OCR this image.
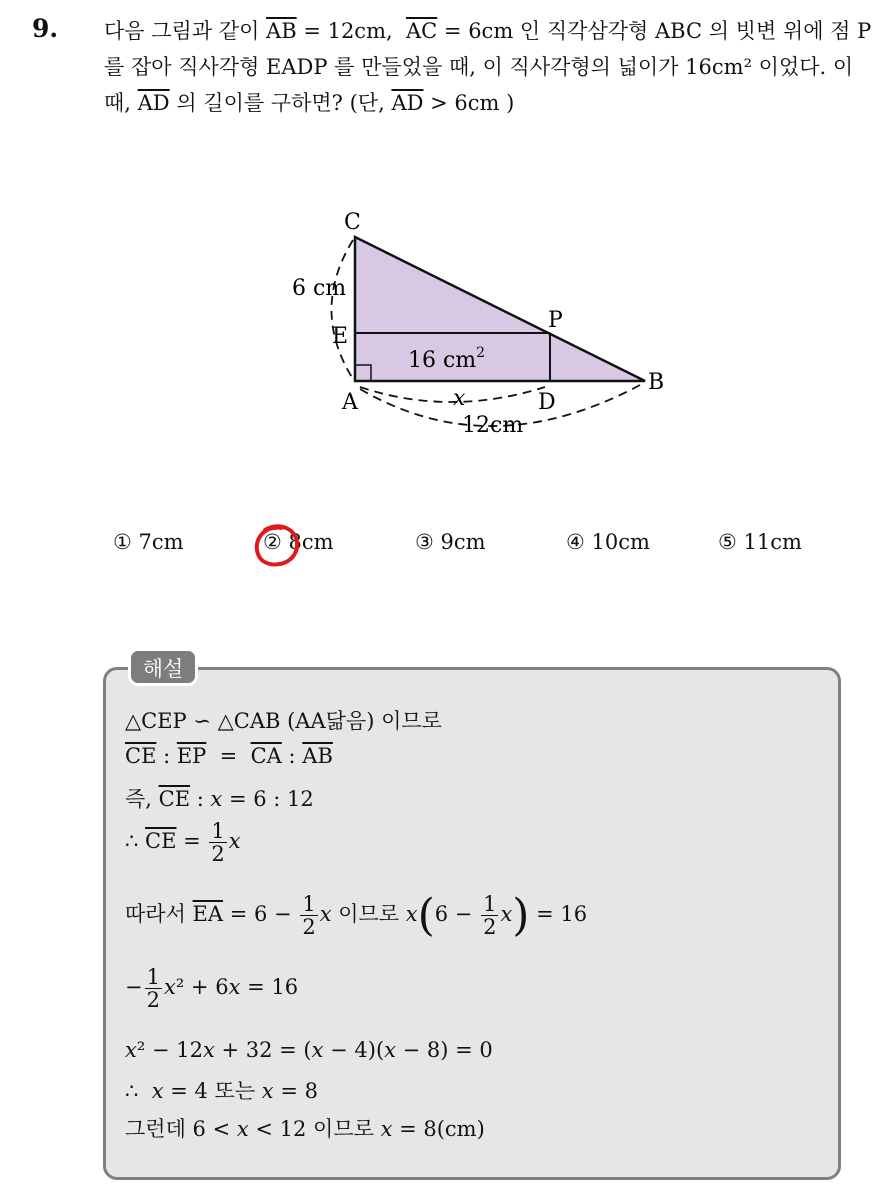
9. 다음 그림과 같이 $\overline{AB} = 12cm$,  $\overline{AC} = 6cm$ 인 직각삼각형 ABC 의 빗변 위에 점 P 를 잡아 직사각형 EADP 를 만들었을 때, 이 직사각형의 넓이가 16cm² 이었다. 이 때, $\overline{AD}$ 의 길이를 구하면? (단, $\overline{AD} > 6cm$ )
C
6 cm
E
P
16 $cm^2$
B
A	x	D
12cm
① 7cm	② 8cm	③ 9cm	④ 10cm	⑤ 11cm
해설
△CEP ∽ △CAB (AA닮음) 이므로
$\overline{CE}$ : $\overline{EP} = \overline{CA}$ : $\overline{AB}$
즉, $\overline{CE}$ : x = 6 : 12
∴ $\overline{CE} = \frac{1}{2}$ x
따라서 $\overline{EA} = 6 - \frac{1}{2}$ x 이므로 $x(6 - \frac{1}{2} x) = 16$
− $\frac{1}{2} x^2 + 6x = 16$
x² − 12x + 32 = (x − 4)(x − 8) = 0
∴  x = 4 또는 x = 8
그런데 6 < x < 12 이므로 x = 8(cm)
